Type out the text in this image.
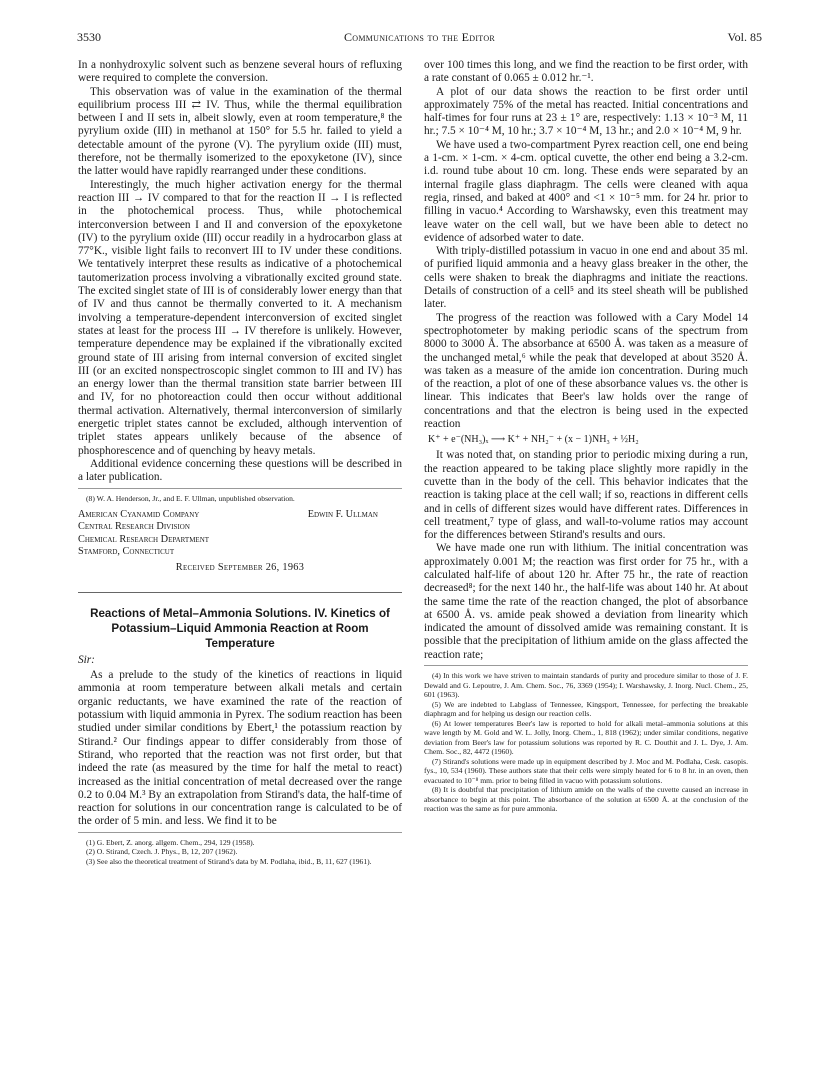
3530	Communications to the Editor	Vol. 85

In a nonhydroxylic solvent such as benzene several hours of refluxing were required to complete the conversion.

This observation was of value in the examination of the thermal equilibrium process III ⇄ IV. Thus, while the thermal equilibration between I and II sets in, albeit slowly, even at room temperature,⁸ the pyrylium oxide (III) in methanol at 150° for 5.5 hr. failed to yield a detectable amount of the pyrone (V). The pyrylium oxide (III) must, therefore, not be thermally isomerized to the epoxyketone (IV), since the latter would have rapidly rearranged under these conditions.

Interestingly, the much higher activation energy for the thermal reaction III → IV compared to that for the reaction II → I is reflected in the photochemical process. Thus, while photochemical interconversion between I and II and conversion of the epoxyketone (IV) to the pyrylium oxide (III) occur readily in a hydrocarbon glass at 77°K., visible light fails to reconvert III to IV under these conditions. We tentatively interpret these results as indicative of a photochemical tautomerization process involving a vibrationally excited ground state. The excited singlet state of III is of considerably lower energy than that of IV and thus cannot be thermally converted to it. A mechanism involving a temperature-dependent interconversion of excited singlet states at least for the process III → IV therefore is unlikely. However, temperature dependence may be explained if the vibrationally excited ground state of III arising from internal conversion of excited singlet III (or an excited nonspectroscopic singlet common to III and IV) has an energy lower than the thermal transition state barrier between III and IV, for no photoreaction could then occur without additional thermal activation. Alternatively, thermal interconversion of similarly energetic triplet states cannot be excluded, although intervention of triplet states appears unlikely because of the absence of phosphorescence and of quenching by heavy metals.

Additional evidence concerning these questions will be described in a later publication.

(8) W. A. Henderson, Jr., and E. F. Ullman, unpublished observation.
American Cyanamid Company
Central Research Division
Chemical Research Department
Stamford, Connecticut
Edwin F. Ullman
Received September 26, 1963
Reactions of Metal–Ammonia Solutions. IV. Kinetics of Potassium–Liquid Ammonia Reaction at Room Temperature
Sir:

As a prelude to the study of the kinetics of reactions in liquid ammonia at room temperature between alkali metals and certain organic reductants, we have examined the rate of the reaction of potassium with liquid ammonia in Pyrex. The sodium reaction has been studied under similar conditions by Ebert,¹ the potassium reaction by Stirand.² Our findings appear to differ considerably from those of Stirand, who reported that the reaction was not first order, but that indeed the rate (as measured by the time for half the metal to react) increased as the initial concentration of metal decreased over the range 0.2 to 0.04 M.³ By an extrapolation from Stirand's data, the half-time of reaction for solutions in our concentration range is calculated to be of the order of 5 min. and less. We find it to be

(1) G. Ebert, Z. anorg. allgem. Chem., 294, 129 (1958).
(2) O. Stirand, Czech. J. Phys., B, 12, 207 (1962).
(3) See also the theoretical treatment of Stirand's data by M. Podlaha, ibid., B, 11, 627 (1961).

over 100 times this long, and we find the reaction to be first order, with a rate constant of 0.065 ± 0.012 hr.⁻¹.

A plot of our data shows the reaction to be first order until approximately 75% of the metal has reacted. Initial concentrations and half-times for four runs at 23 ± 1° are, respectively: 1.13 × 10⁻³ M, 11 hr.; 7.5 × 10⁻⁴ M, 10 hr.; 3.7 × 10⁻⁴ M, 13 hr.; and 2.0 × 10⁻⁴ M, 9 hr.

We have used a two-compartment Pyrex reaction cell, one end being a 1-cm. × 1-cm. × 4-cm. optical cuvette, the other end being a 3.2-cm. i.d. round tube about 10 cm. long. These ends were separated by an internal fragile glass diaphragm. The cells were cleaned with aqua regia, rinsed, and baked at 400° and <1 × 10⁻⁵ mm. for 24 hr. prior to filling in vacuo.⁴ According to Warshawsky, even this treatment may leave water on the cell wall, but we have been able to detect no evidence of adsorbed water to date.

With triply-distilled potassium in vacuo in one end and about 35 ml. of purified liquid ammonia and a heavy glass breaker in the other, the cells were shaken to break the diaphragms and initiate the reactions. Details of construction of a cell⁵ and its steel sheath will be published later.

The progress of the reaction was followed with a Cary Model 14 spectrophotometer by making periodic scans of the spectrum from 8000 to 3000 Å. The absorbance at 6500 Å. was taken as a measure of the unchanged metal,⁶ while the peak that developed at about 3520 Å. was taken as a measure of the amide ion concentration. During much of the reaction, a plot of one of these absorbance values vs. the other is linear. This indicates that Beer's law holds over the range of concentrations and that the electron is being used in the expected reaction

K⁺ + e⁻(NH₃)ₓ ⟶ K⁺ + NH₂⁻ + (x − 1)NH₃ + ½H₂

It was noted that, on standing prior to periodic mixing during a run, the reaction appeared to be taking place slightly more rapidly in the cuvette than in the body of the cell. This behavior indicates that the reaction is taking place at the cell wall; if so, reactions in different cells and in cells of different sizes would have different rates. Differences in cell treatment,⁷ type of glass, and wall-to-volume ratios may account for the differences between Stirand's results and ours.

We have made one run with lithium. The initial concentration was approximately 0.001 M; the reaction was first order for 75 hr., with a calculated half-life of about 120 hr. After 75 hr., the rate of reaction decreased⁸; for the next 140 hr., the half-life was about 140 hr. At about the same time the rate of the reaction changed, the plot of absorbance at 6500 Å. vs. amide peak showed a deviation from linearity which indicated the amount of dissolved amide was remaining constant. It is possible that the precipitation of lithium amide on the glass affected the reaction rate;

(4) In this work we have striven to maintain standards of purity and procedure similar to those of J. F. Dewald and G. Lepoutre, J. Am. Chem. Soc., 76, 3369 (1954); I. Warshawsky, J. Inorg. Nucl. Chem., 25, 601 (1963).
(5) We are indebted to Labglass of Tennessee, Kingsport, Tennessee, for perfecting the breakable diaphragm and for helping us design our reaction cells.
(6) At lower temperatures Beer's law is reported to hold for alkali metal–ammonia solutions at this wave length by M. Gold and W. L. Jolly, Inorg. Chem., 1, 818 (1962); under similar conditions, negative deviation from Beer's law for potassium solutions was reported by R. C. Douthit and J. L. Dye, J. Am. Chem. Soc., 82, 4472 (1960).
(7) Stirand's solutions were made up in equipment described by J. Moc and M. Podlaha, Cesk. casopis. fys., 10, 534 (1960). These authors state that their cells were simply heated for 6 to 8 hr. in an oven, then evacuated to 10⁻⁸ mm. prior to being filled in vacuo with potassium solutions.
(8) It is doubtful that precipitation of lithium amide on the walls of the cuvette caused an increase in absorbance to begin at this point. The absorbance of the solution at 6500 Å. at the conclusion of the reaction was the same as for pure ammonia.
